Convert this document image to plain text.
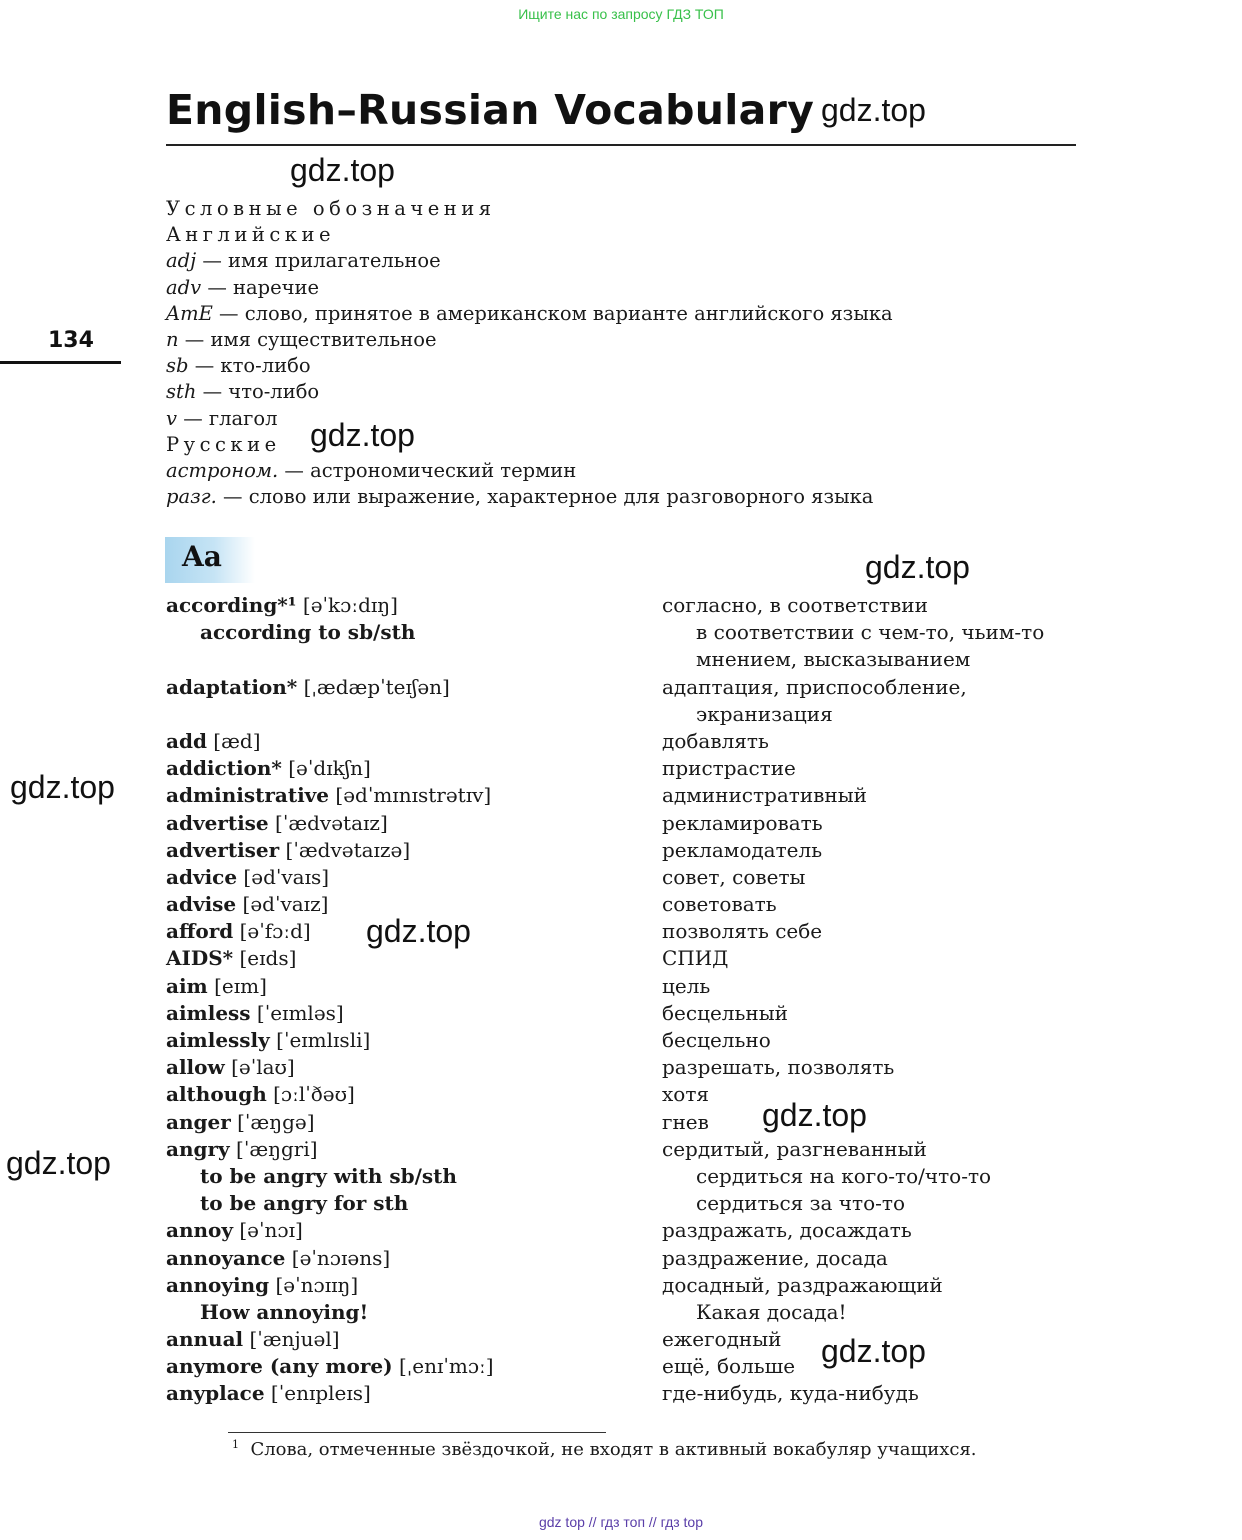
Ищите нас по запросу ГДЗ ТОП
English–Russian Vocabulary
134
Условные обозначения
Английские
adj — имя прилагательное
adv — наречие
AmE — слово, принятое в американском варианте английского языка
n — имя существительное
sb — кто-либо
sth — что-либо
v — глагол
Русские
астроном. — астрономический термин
разг. — слово или выражение, характерное для разговорного языка
Aa
according*¹ [əˈkɔːdɪŋ]
according to sb/sth
adaptation* [ˌædæpˈteɪʃən]
add [æd]
addiction* [əˈdɪkʃn]
administrative [ədˈmɪnɪstrətɪv]
advertise [ˈædvətaɪz]
advertiser [ˈædvətaɪzə]
advice [ədˈvaɪs]
advise [ədˈvaɪz]
afford [əˈfɔːd]
AIDS* [eɪds]
aim [eɪm]
aimless [ˈeɪmləs]
aimlessly [ˈeɪmlɪsli]
allow [əˈlaʊ]
although [ɔːlˈðəʊ]
anger [ˈæŋgə]
angry [ˈæŋgri]
to be angry with sb/sth
to be angry for sth
annoy [əˈnɔɪ]
annoyance [əˈnɔɪəns]
annoying [əˈnɔɪɪŋ]
How annoying!
annual [ˈænjuəl]
anymore (any more) [ˌenɪˈmɔː]
anyplace [ˈenɪpleɪs]
согласно, в соответствии
в соответствии с чем-то, чьим-то
мнением, высказыванием
адаптация, приспособление,
экранизация
добавлять
пристрастие
административный
рекламировать
рекламодатель
совет, советы
советовать
позволять себе
СПИД
цель
бесцельный
бесцельно
разрешать, позволять
хотя
гнев
сердитый, разгневанный
сердиться на кого-то/что-то
сердиться за что-то
раздражать, досаждать
раздражение, досада
досадный, раздражающий
Какая досада!
ежегодный
ещё, больше
где-нибудь, куда-нибудь
$^1$ Слова, отмеченные звёздочкой, не входят в активный вокабуляр учащихся.
gdz top // гдз топ // гдз top
gdz.top
gdz.top
gdz.top
gdz.top
gdz.top
gdz.top
gdz.top
gdz.top
gdz.top
